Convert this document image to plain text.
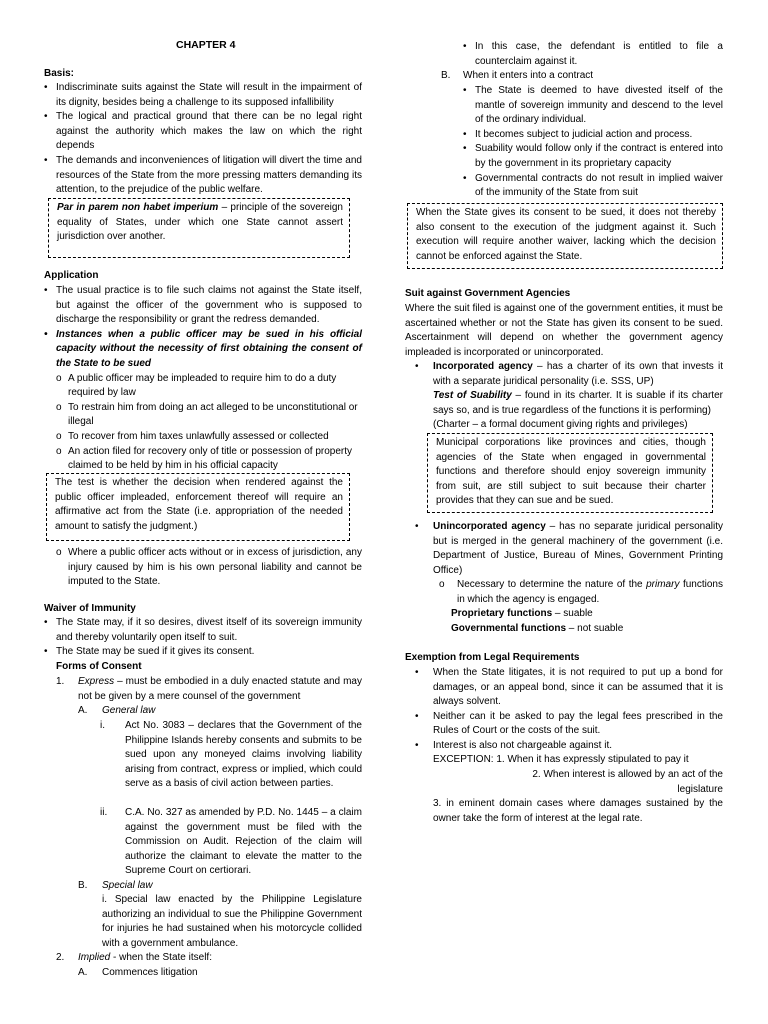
CHAPTER 4

Basis:

• Indiscriminate suits against the State will result in the impairment of its dignity, besides being a challenge to its supposed infallibility
• The logical and practical ground that there can be no legal right against the authority which makes the law on which the right depends
• The demands and inconveniences of litigation will divert the time and resources of the State from the more pressing matters demanding its attention, to the prejudice of the public welfare.
Par in parem non habet imperium – principle of the sovereign equality of States, under which one State cannot assert jurisdiction over another.

Application

• The usual practice is to file such claims not against the State itself, but against the officer of the government who is supposed to discharge the responsibility or grant the redress demanded.
• Instances when a public officer may be sued in his official capacity without the necessity of first obtaining the consent of the State to be sued
o A public officer may be impleaded to require him to do a duty required by law
o To restrain him from doing an act alleged to be unconstitutional or illegal
o To recover from him taxes unlawfully assessed or collected
o An action filed for recovery only of title or possession of property claimed to be held by him in his official capacity
The test is whether the decision when rendered against the public officer impleaded, enforcement thereof will require an affirmative act from the State (i.e. appropriation of the needed amount to satisfy the judgment.)
o Where a public officer acts without or in excess of jurisdiction, any injury caused by him is his own personal liability and cannot be imputed to the State.

Waiver of Immunity

• The State may, if it so desires, divest itself of its sovereign immunity and thereby voluntarily open itself to suit.
• The State may be sued if it gives its consent.

Forms of Consent

1. Express – must be embodied in a duly enacted statute and may not be given by a mere counsel of the government
A. General law
i. Act No. 3083 – declares that the Government of the Philippine Islands hereby consents and submits to be sued upon any moneyed claims involving liability arising from contract, express or implied, which could serve as a basis of civil action between parties.
ii. C.A. No. 327 as amended by P.D. No. 1445 – a claim against the government must be filed with the Commission on Audit. Rejection of the claim will authorize the claimant to elevate the matter to the Supreme Court on certiorari.
B. Special law
i. Special law enacted by the Philippine Legislature authorizing an individual to sue the Philippine Government for injuries he had sustained when his motorcycle collided with a government ambulance.
2. Implied - when the State itself:
A. Commences litigation
• In this case, the defendant is entitled to file a counterclaim against it.
B. When it enters into a contract
• The State is deemed to have divested itself of the mantle of sovereign immunity and descend to the level of the ordinary individual.
• It becomes subject to judicial action and process.
• Suability would follow only if the contract is entered into by the government in its proprietary capacity
• Governmental contracts do not result in implied waiver of the immunity of the State from suit
When the State gives its consent to be sued, it does not thereby also consent to the execution of the judgment against it. Such execution will require another waiver, lacking which the decision cannot be enforced against the State.

Suit against Government Agencies

Where the suit filed is against one of the government entities, it must be ascertained whether or not the State has given its consent to be sued. Ascertainment will depend on whether the government agency impleaded is incorporated or unincorporated.

• Incorporated agency – has a charter of its own that invests it with a separate juridical personality (i.e. SSS, UP)
Test of Suability – found in its charter. It is suable if its charter says so, and is true regardless of the functions it is performing)
(Charter – a formal document giving rights and privileges)
Municipal corporations like provinces and cities, though agencies of the State when engaged in governmental functions and therefore should enjoy sovereign immunity from suit, are still subject to suit because their charter provides that they can sue and be sued.
• Unincorporated agency – has no separate juridical personality but is merged in the general machinery of the government (i.e. Department of Justice, Bureau of Mines, Government Printing Office)
o Necessary to determine the nature of the primary functions in which the agency is engaged.

Proprietary functions – suable

Governmental functions – not suable

Exemption from Legal Requirements

• When the State litigates, it is not required to put up a bond for damages, or an appeal bond, since it can be assumed that it is always solvent.
• Neither can it be asked to pay the legal fees prescribed in the Rules of Court or the costs of the suit.
• Interest is also not chargeable against it.

EXCEPTION: 1. When it has expressly stipulated to pay it

2. When interest is allowed by an act of the legislature

3. in eminent domain cases where damages sustained by the owner take the form of interest at the legal rate.
